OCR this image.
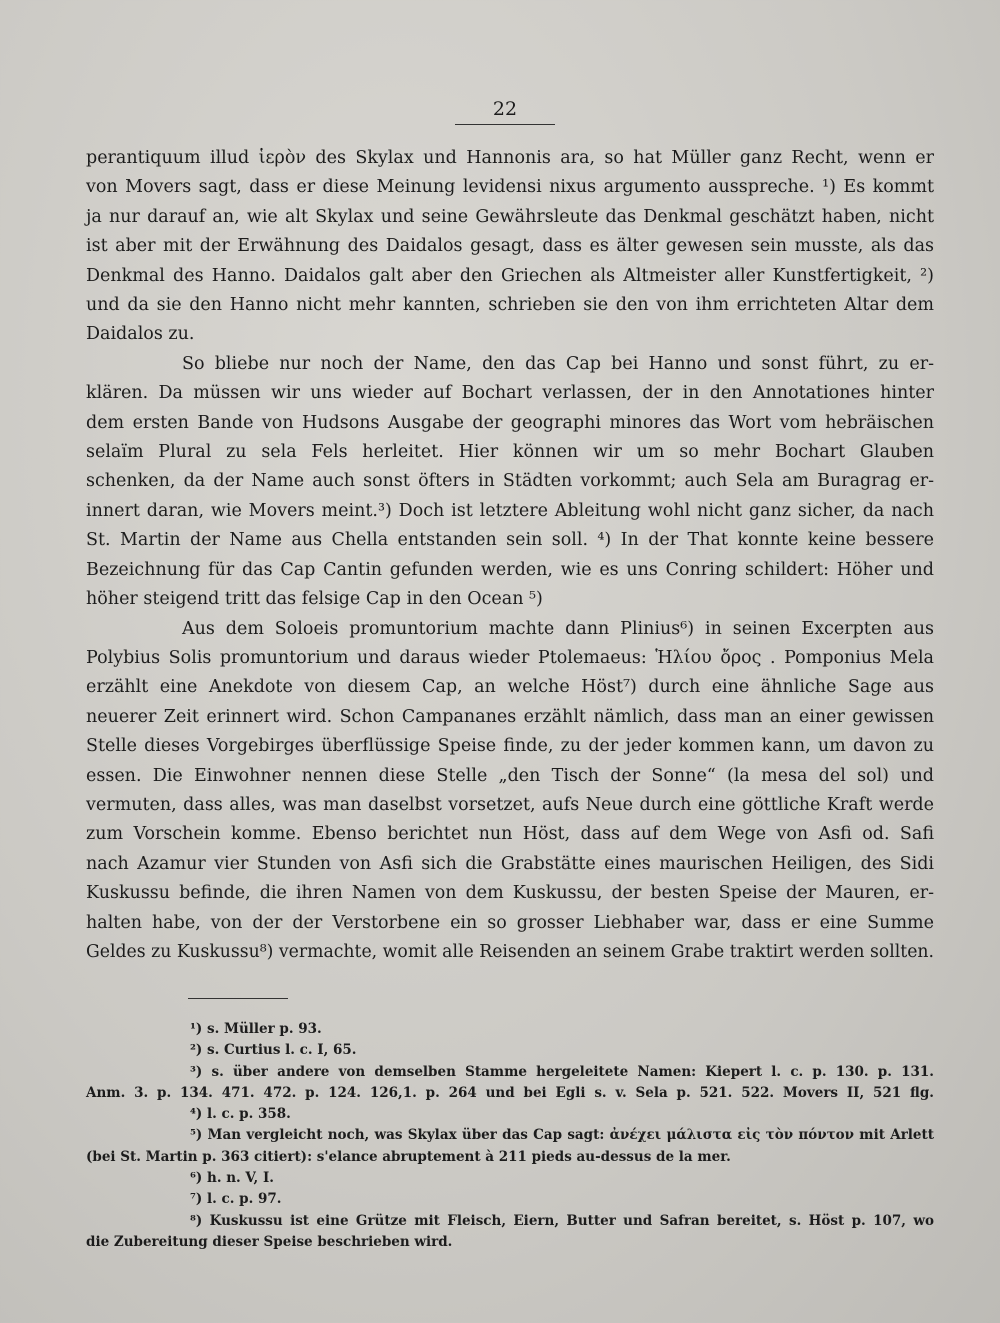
22

perantiquum illud ἱερὸν des Skylax und Hannonis ara, so hat Müller ganz Recht, wenn er
von Movers sagt, dass er diese Meinung levidensi nixus argumento ausspreche. ¹) Es kommt
ja nur darauf an, wie alt Skylax und seine Gewährsleute das Denkmal geschätzt haben, nicht
ist aber mit der Erwähnung des Daidalos gesagt, dass es älter gewesen sein musste, als das
Denkmal des Hanno. Daidalos galt aber den Griechen als Altmeister aller Kunstfertigkeit, ²)
und da sie den Hanno nicht mehr kannten, schrieben sie den von ihm errichteten Altar dem
Daidalos zu.

So bliebe nur noch der Name, den das Cap bei Hanno und sonst führt, zu er-
klären. Da müssen wir uns wieder auf Bochart verlassen, der in den Annotationes hinter
dem ersten Bande von Hudsons Ausgabe der geographi minores das Wort vom hebräischen
selaïm Plural zu sela Fels herleitet. Hier können wir um so mehr Bochart Glauben
schenken, da der Name auch sonst öfters in Städten vorkommt; auch Sela am Buragrag er-
innert daran, wie Movers meint.³) Doch ist letztere Ableitung wohl nicht ganz sicher, da nach
St. Martin der Name aus Chella entstanden sein soll. ⁴) In der That konnte keine bessere
Bezeichnung für das Cap Cantin gefunden werden, wie es uns Conring schildert: Höher und
höher steigend tritt das felsige Cap in den Ocean ⁵)

Aus dem Soloeis promuntorium machte dann Plinius⁶) in seinen Excerpten aus
Polybius Solis promuntorium und daraus wieder Ptolemaeus: Ἡλίου ὄρος . Pomponius Mela
erzählt eine Anekdote von diesem Cap, an welche Höst⁷) durch eine ähnliche Sage aus
neuerer Zeit erinnert wird. Schon Campananes erzählt nämlich, dass man an einer gewissen
Stelle dieses Vorgebirges überflüssige Speise finde, zu der jeder kommen kann, um davon zu
essen. Die Einwohner nennen diese Stelle „den Tisch der Sonne“ (la mesa del sol) und
vermuten, dass alles, was man daselbst vorsetzet, aufs Neue durch eine göttliche Kraft werde
zum Vorschein komme. Ebenso berichtet nun Höst, dass auf dem Wege von Asfi od. Safi
nach Azamur vier Stunden von Asfi sich die Grabstätte eines maurischen Heiligen, des Sidi
Kuskussu befinde, die ihren Namen von dem Kuskussu, der besten Speise der Mauren, er-
halten habe, von der der Verstorbene ein so grosser Liebhaber war, dass er eine Summe
Geldes zu Kuskussu⁸) vermachte, womit alle Reisenden an seinem Grabe traktirt werden sollten.

¹) s. Müller p. 93.
²) s. Curtius l. c. I, 65.
³) s. über andere von demselben Stamme hergeleitete Namen: Kiepert l. c. p. 130. p. 131.
Anm. 3. p. 134. 471. 472. p. 124. 126,1. p. 264 und bei Egli s. v. Sela p. 521. 522. Movers II, 521 flg.
⁴) l. c. p. 358.
⁵) Man vergleicht noch, was Skylax über das Cap sagt: ἀνέχει μάλιστα εἰς τὸν πόντον mit Arlett
(bei St. Martin p. 363 citiert): s'elance abruptement à 211 pieds au-dessus de la mer.
⁶) h. n. V, I.
⁷) l. c. p. 97.
⁸) Kuskussu ist eine Grütze mit Fleisch, Eiern, Butter und Safran bereitet, s. Höst p. 107, wo
die Zubereitung dieser Speise beschrieben wird.
